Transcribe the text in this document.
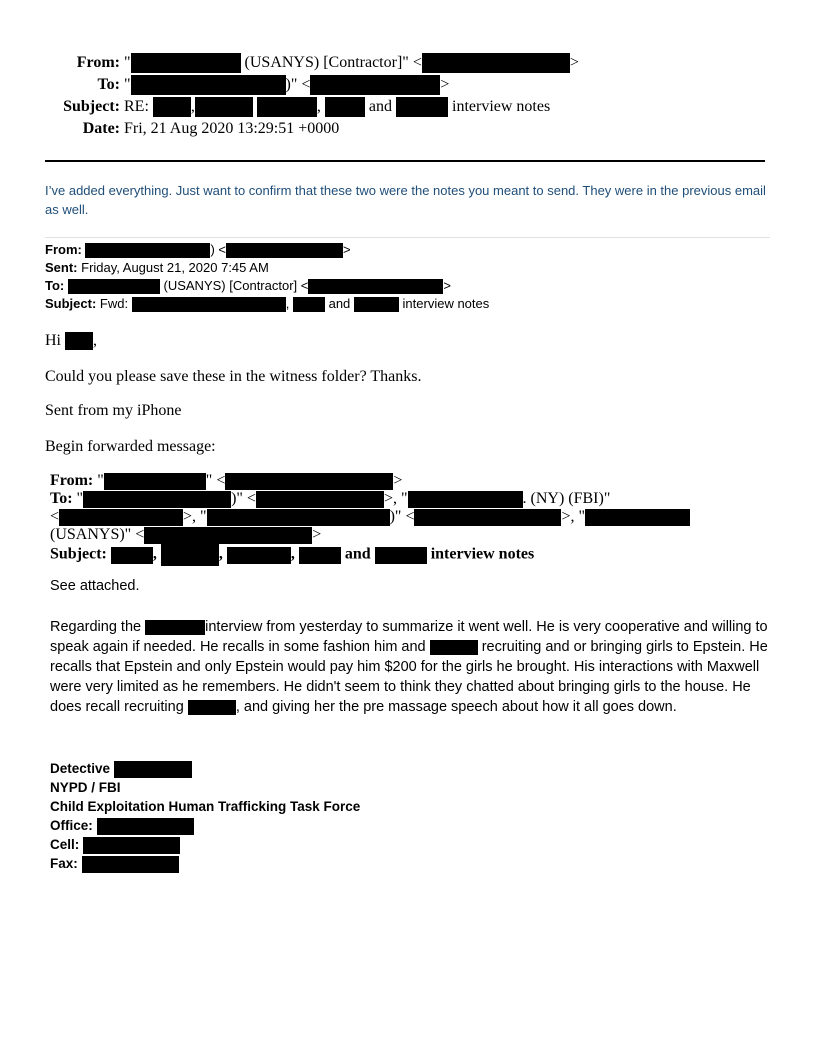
From: "	(USANYS) [Contractor]" <	>
To: "	)" <	>
Subject: RE:	,	,	and	interview notes
Date: Fri, 21 Aug 2020 13:29:51 +0000
I’ve added everything. Just want to confirm that these two were the notes you meant to send. They were in the previous email as well.
From:	) <	>
Sent: Friday, August 21, 2020 7:45 AM
To:	(USANYS) [Contractor] <	>
Subject: Fwd:	,	and	interview notes
Hi ,
Could you please save these in the witness folder? Thanks.
Sent from my iPhone
Begin forwarded message:
From: "	" <	>
To: "	)" <	>, "	. (NY) (FBI)"
<	>, "	)" <	>, "
(USANYS)" <	>
Subject:	,	,	,	and	interview notes
See attached.
Regarding the	interview from yesterday to summarize it went well. He is very cooperative and willing to speak again if needed. He recalls in some fashion him and	recruiting and or bringing girls to Epstein. He recalls that Epstein and only Epstein would pay him $200 for the girls he brought. His interactions with Maxwell were very limited as he remembers. He didn't seem to think they chatted about bringing girls to the house. He does recall recruiting	, and giving her the pre massage speech about how it all goes down.
Detective
NYPD / FBI
Child Exploitation Human Trafficking Task Force
Office:
Cell:
Fax:
